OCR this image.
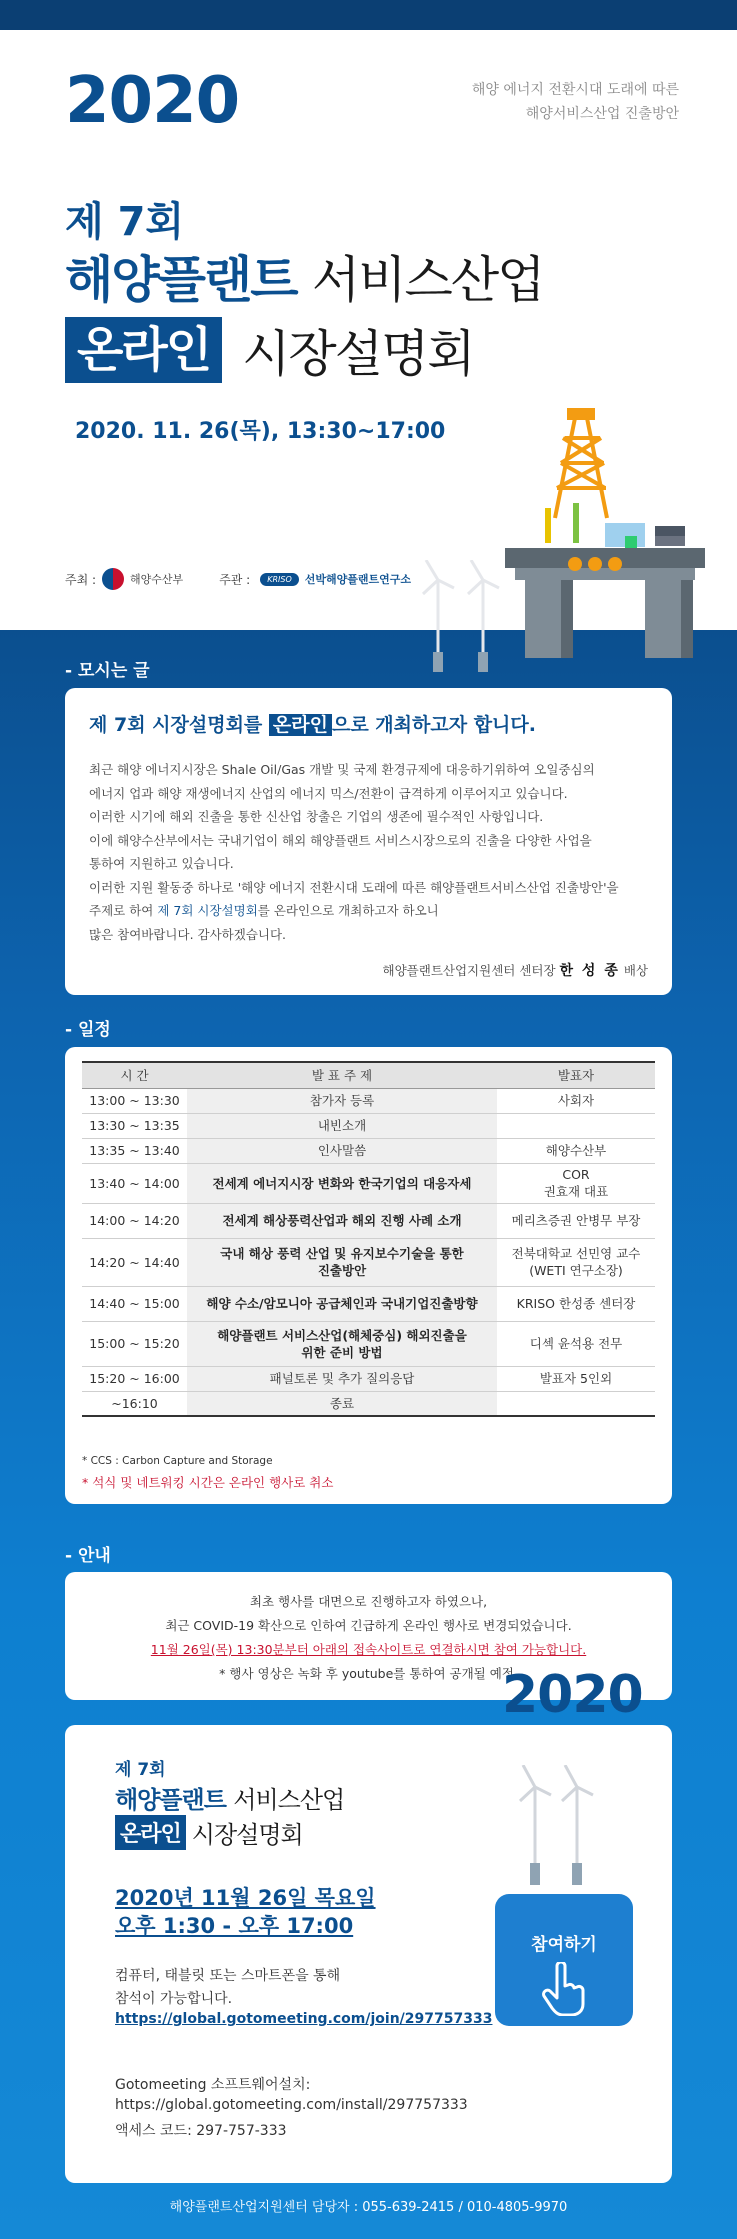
2020	해양 에너지 전환시대 도래에 따른
해양서비스산업 진출방안
제 7회
해양플랜트 서비스산업
온라인 시장설명회
2020. 11. 26(목), 13:30~17:00
주최 :	해양수산부	주관 :	KRISO	선박해양플랜트연구소
- 모시는 글
제 7회 시장설명회를 온라인 으로 개최하고자 합니다.

최근 해양 에너지시장은 Shale Oil/Gas 개발 및 국제 환경규제에 대응하기위하여 오일중심의

에너지 업과 해양 재생에너지 산업의 에너지 믹스/전환이 급격하게 이루어지고 있습니다.

이러한 시기에 해외 진출을 통한 신산업 창출은 기업의 생존에 필수적인 사항입니다.

이에 해양수산부에서는 국내기업이 해외 해양플랜트 서비스시장으로의 진출을 다양한 사업을

통하여 지원하고 있습니다.

이러한 지원 활동중 하나로 '해양 에너지 전환시대 도래에 따른 해양플랜트서비스산업 진출방안'을

주제로 하여 제 7회 시장설명회를 온라인으로 개최하고자 하오니

많은 참여바랍니다. 감사하겠습니다.

해양플랜트산업지원센터 센터장 한 성 종 배상
- 일정
시 간	발 표 주 제	발표자
13:00 ~ 13:30	참가자 등록	사회자
13:30 ~ 13:35	내빈소개	
13:35 ~ 13:40	인사말씀	해양수산부
13:40 ~ 14:00	전세계 에너지시장 변화와 한국기업의 대응자세	COR
권효재 대표
14:00 ~ 14:20	전세계 해상풍력산업과 해외 진행 사례 소개	메리츠증권 안병무 부장
14:20 ~ 14:40	국내 해상 풍력 산업 및 유지보수기술을 통한
진출방안	전북대학교 선민영 교수
(WETI 연구소장)
14:40 ~ 15:00	해양 수소/암모니아 공급체인과 국내기업진출방향	KRISO 한성종 센터장
15:00 ~ 15:20	해양플랜트 서비스산업(해체중심) 해외진출을
위한 준비 방법	디섹 윤석용 전무
15:20 ~ 16:00	패널토론 및 추가 질의응답	발표자 5인외
~16:10	종료	
* CCS : Carbon Capture and Storage
* 석식 및 네트워킹 시간은 온라인 행사로 취소
- 안내
최초 행사를 대면으로 진행하고자 하였으나,
최근 COVID-19 확산으로 인하여 긴급하게 온라인 행사로 변경되었습니다.
11월 26일(목) 13:30분부터 아래의 접속사이트로 연결하시면 참여 가능합니다.
* 행사 영상은 녹화 후 youtube를 통하여 공개될 예정.
제 7회
해양플랜트 서비스산업
온라인 시장설명회
2020년 11월 26일 목요일
오후 1:30 - 오후 17:00
컴퓨터, 태블릿 또는 스마트폰을 통해
참석이 가능합니다.
https://global.gotomeeting.com/join/297757333
Gotomeeting 소프트웨어설치:
https://global.gotomeeting.com/install/297757333
액세스 코드: 297-757-333
참여하기
2020
해양플랜트산업지원센터 담당자 : 055-639-2415 / 010-4805-9970
